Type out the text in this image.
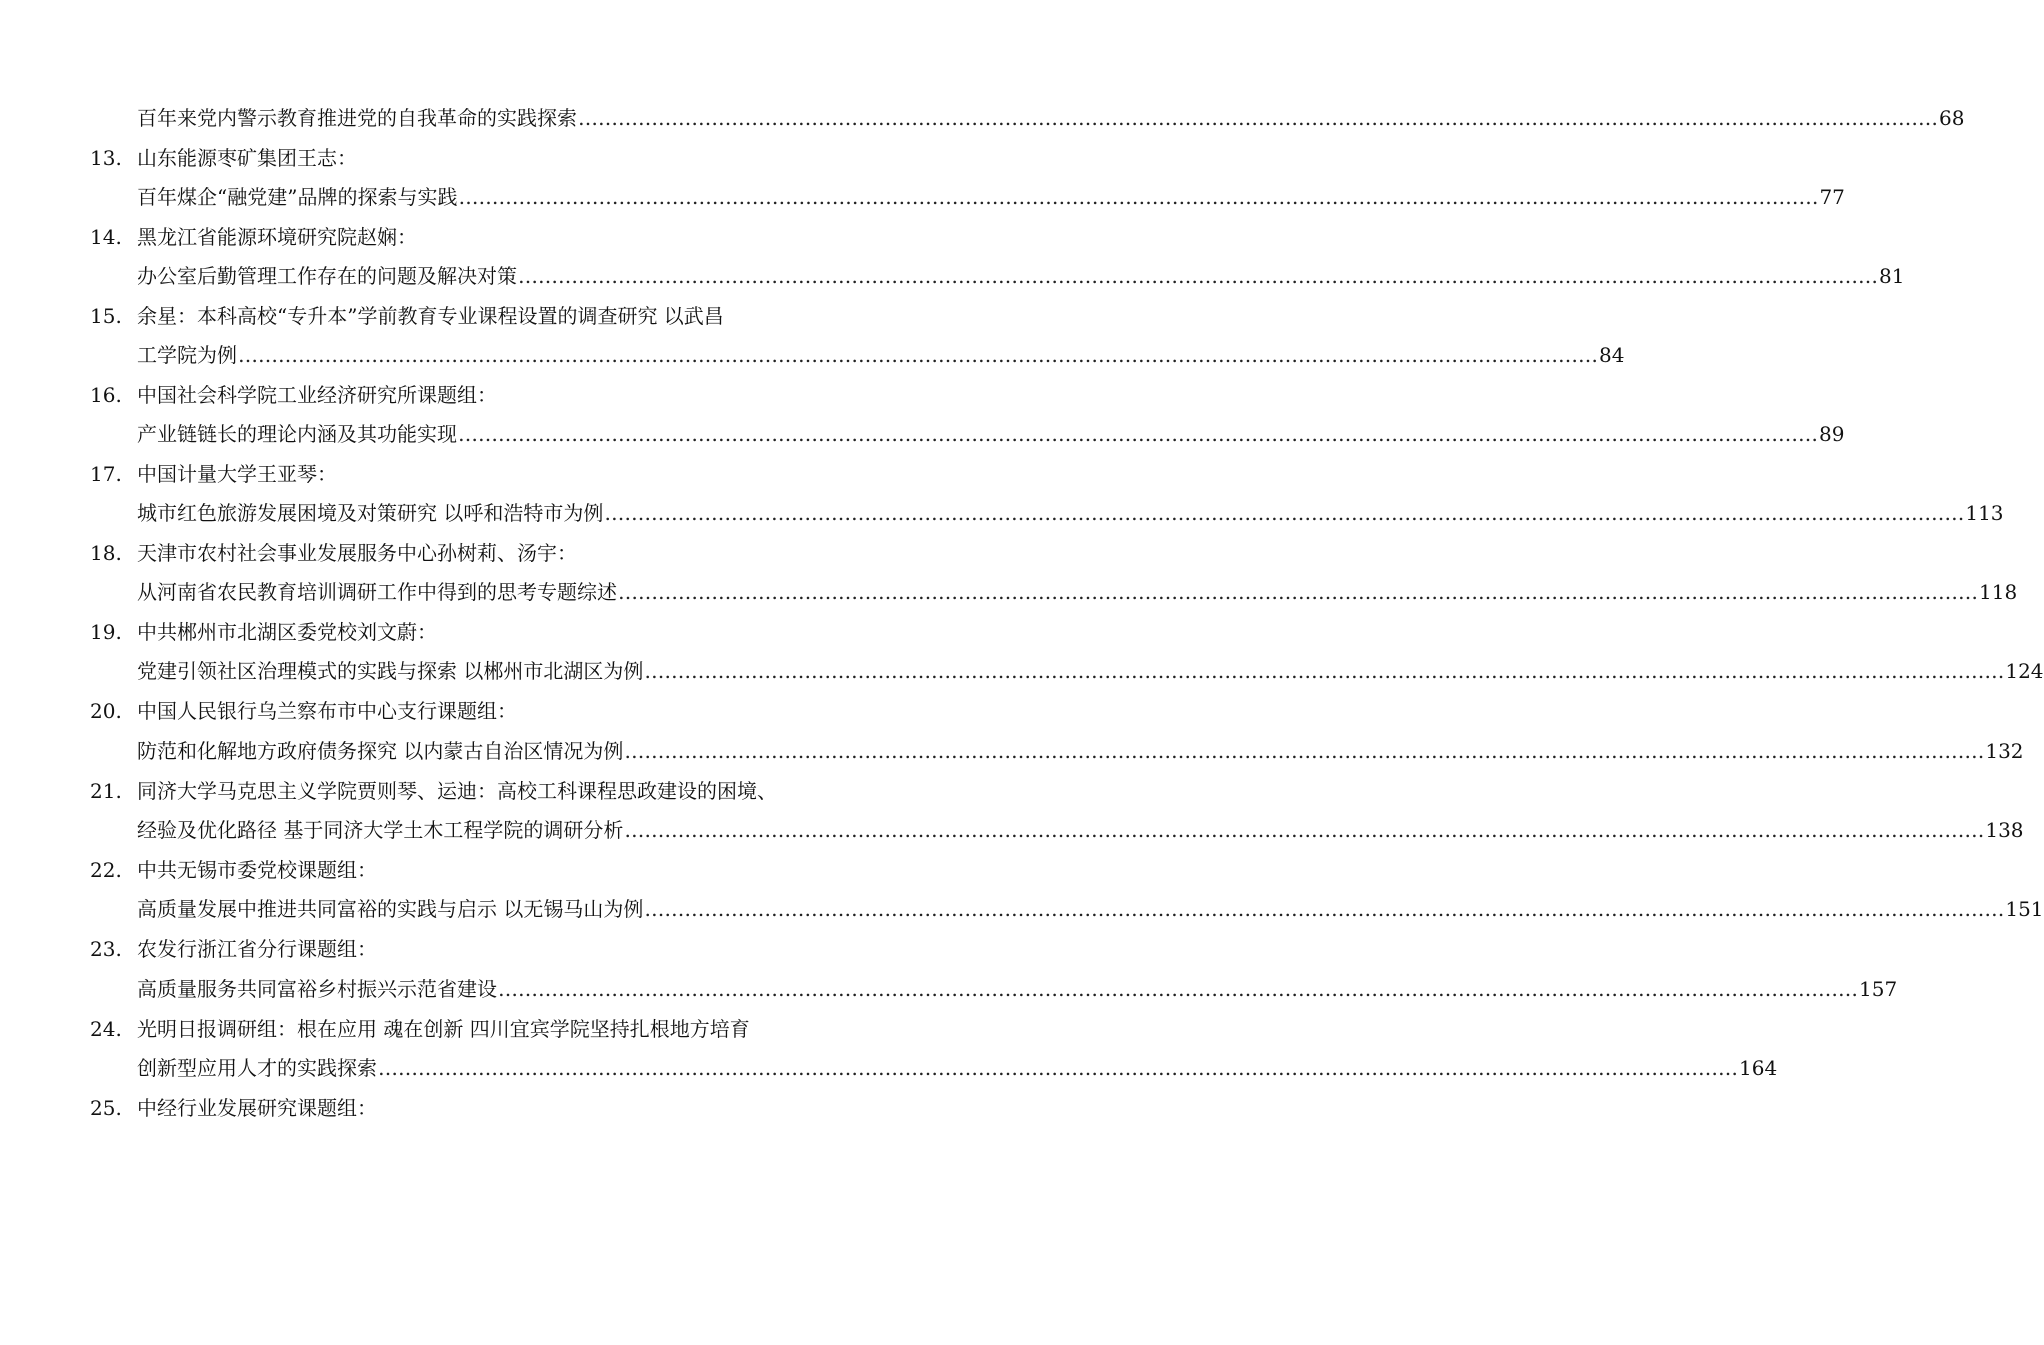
百年来党内警示教育推进党的自我革命的实践探索 …………………………………………………………………………………………………………………………………………………………………………………… 68
13. 山东能源枣矿集团王志：
百年煤企“融党建”品牌的探索与实践 …………………………………………………………………………………………………………………………………………………………………………………… 77
14. 黑龙江省能源环境研究院赵娴：
办公室后勤管理工作存在的问题及解决对策 …………………………………………………………………………………………………………………………………………………………………………………… 81
15. 余星：本科高校“专升本”学前教育专业课程设置的调查研究 以武昌
工学院为例 …………………………………………………………………………………………………………………………………………………………………………………… 84
16. 中国社会科学院工业经济研究所课题组：
产业链链长的理论内涵及其功能实现 …………………………………………………………………………………………………………………………………………………………………………………… 89
17. 中国计量大学王亚琴：
城市红色旅游发展困境及对策研究 以呼和浩特市为例 …………………………………………………………………………………………………………………………………………………………………………………… 113
18. 天津市农村社会事业发展服务中心孙树莉、汤宇：
从河南省农民教育培训调研工作中得到的思考专题综述 …………………………………………………………………………………………………………………………………………………………………………………… 118
19. 中共郴州市北湖区委党校刘文蔚：
党建引领社区治理模式的实践与探索 以郴州市北湖区为例 …………………………………………………………………………………………………………………………………………………………………………………… 124
20. 中国人民银行乌兰察布市中心支行课题组：
防范和化解地方政府债务探究 以内蒙古自治区情况为例 …………………………………………………………………………………………………………………………………………………………………………………… 132
21. 同济大学马克思主义学院贾则琴、运迪：高校工科课程思政建设的困境、
经验及优化路径 基于同济大学土木工程学院的调研分析 …………………………………………………………………………………………………………………………………………………………………………………… 138
22. 中共无锡市委党校课题组：
高质量发展中推进共同富裕的实践与启示 以无锡马山为例 …………………………………………………………………………………………………………………………………………………………………………………… 151
23. 农发行浙江省分行课题组：
高质量服务共同富裕乡村振兴示范省建设 …………………………………………………………………………………………………………………………………………………………………………………… 157
24. 光明日报调研组：根在应用 魂在创新 四川宜宾学院坚持扎根地方培育
创新型应用人才的实践探索 …………………………………………………………………………………………………………………………………………………………………………………… 164
25. 中经行业发展研究课题组：
